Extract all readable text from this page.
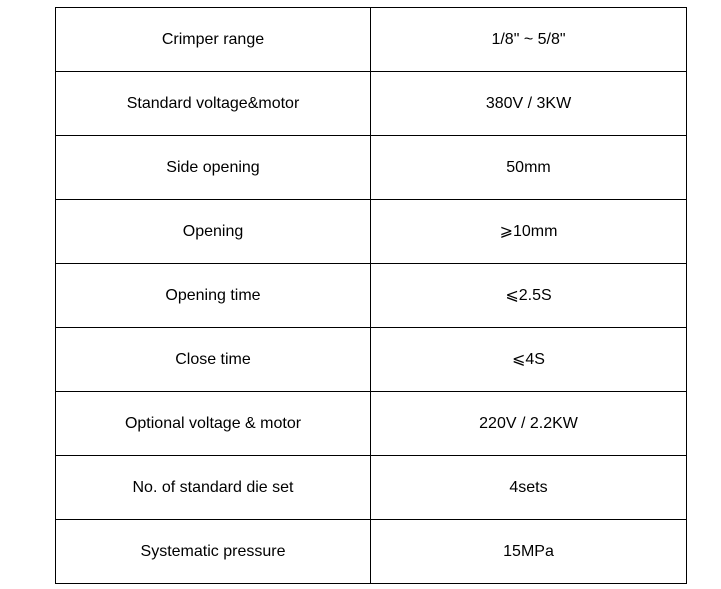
Crimper range	1/8" ~ 5/8"
Standard voltage&motor	380V / 3KW
Side opening	50mm
Opening	⩾10mm
Opening time	⩽2.5S
Close time	⩽4S
Optional voltage & motor	220V / 2.2KW
No. of standard die set	4sets
Systematic pressure	15MPa
